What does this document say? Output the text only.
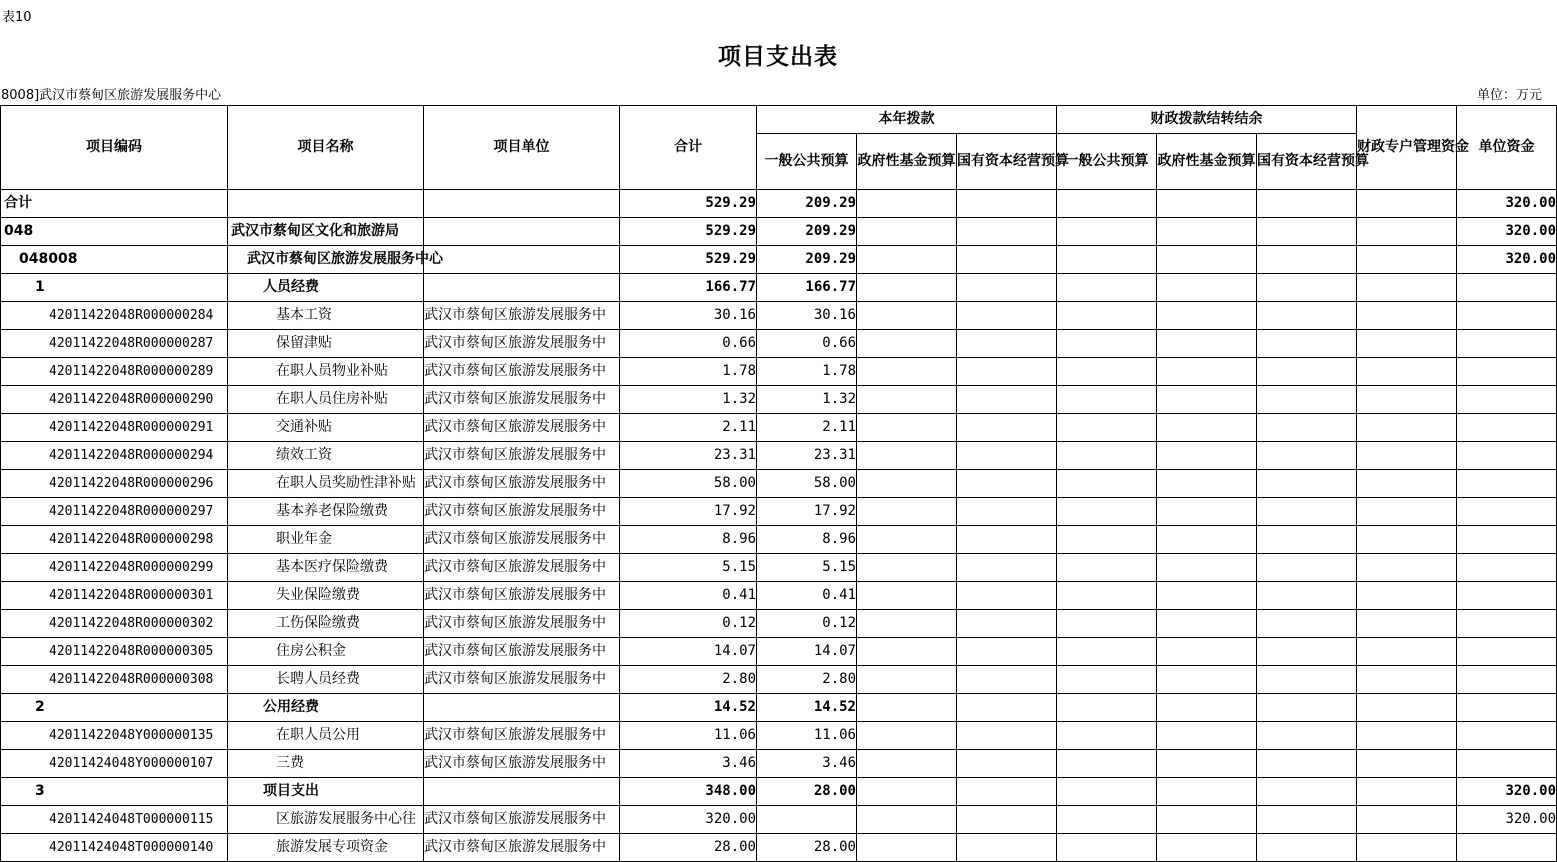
表10
项目支出表
8008]武汉市蔡甸区旅游发展服务中心	单位：万元
项目编码	项目名称	项目单位	合计	本年拨款			财政拨款结转结余			财政专户管理资金	单位资金
				一般公共预算	政府性基金预算	国有资本经营预算	一般公共预算	政府性基金预算	国有资本经营预算		
合计			529.29	209.29							320.00
048	武汉市蔡甸区文化和旅游局		529.29	209.29							320.00
048008	武汉市蔡甸区旅游发展服务中心		529.29	209.29							320.00
1	人员经费		166.77	166.77							
42011422048R000000284	基本工资	武汉市蔡甸区旅游发展服务中	30.16	30.16							
42011422048R000000287	保留津贴	武汉市蔡甸区旅游发展服务中	0.66	0.66							
42011422048R000000289	在职人员物业补贴	武汉市蔡甸区旅游发展服务中	1.78	1.78							
42011422048R000000290	在职人员住房补贴	武汉市蔡甸区旅游发展服务中	1.32	1.32							
42011422048R000000291	交通补贴	武汉市蔡甸区旅游发展服务中	2.11	2.11							
42011422048R000000294	绩效工资	武汉市蔡甸区旅游发展服务中	23.31	23.31							
42011422048R000000296	在职人员奖励性津补贴	武汉市蔡甸区旅游发展服务中	58.00	58.00							
42011422048R000000297	基本养老保险缴费	武汉市蔡甸区旅游发展服务中	17.92	17.92							
42011422048R000000298	职业年金	武汉市蔡甸区旅游发展服务中	8.96	8.96							
42011422048R000000299	基本医疗保险缴费	武汉市蔡甸区旅游发展服务中	5.15	5.15							
42011422048R000000301	失业保险缴费	武汉市蔡甸区旅游发展服务中	0.41	0.41							
42011422048R000000302	工伤保险缴费	武汉市蔡甸区旅游发展服务中	0.12	0.12							
42011422048R000000305	住房公积金	武汉市蔡甸区旅游发展服务中	14.07	14.07							
42011422048R000000308	长聘人员经费	武汉市蔡甸区旅游发展服务中	2.80	2.80							
2	公用经费		14.52	14.52							
42011422048Y000000135	在职人员公用	武汉市蔡甸区旅游发展服务中	11.06	11.06							
42011424048Y000000107	三费	武汉市蔡甸区旅游发展服务中	3.46	3.46							
3	项目支出		348.00	28.00							320.00
42011424048T000000115	区旅游发展服务中心往	武汉市蔡甸区旅游发展服务中	320.00								320.00
42011424048T000000140	旅游发展专项资金	武汉市蔡甸区旅游发展服务中	28.00	28.00							
